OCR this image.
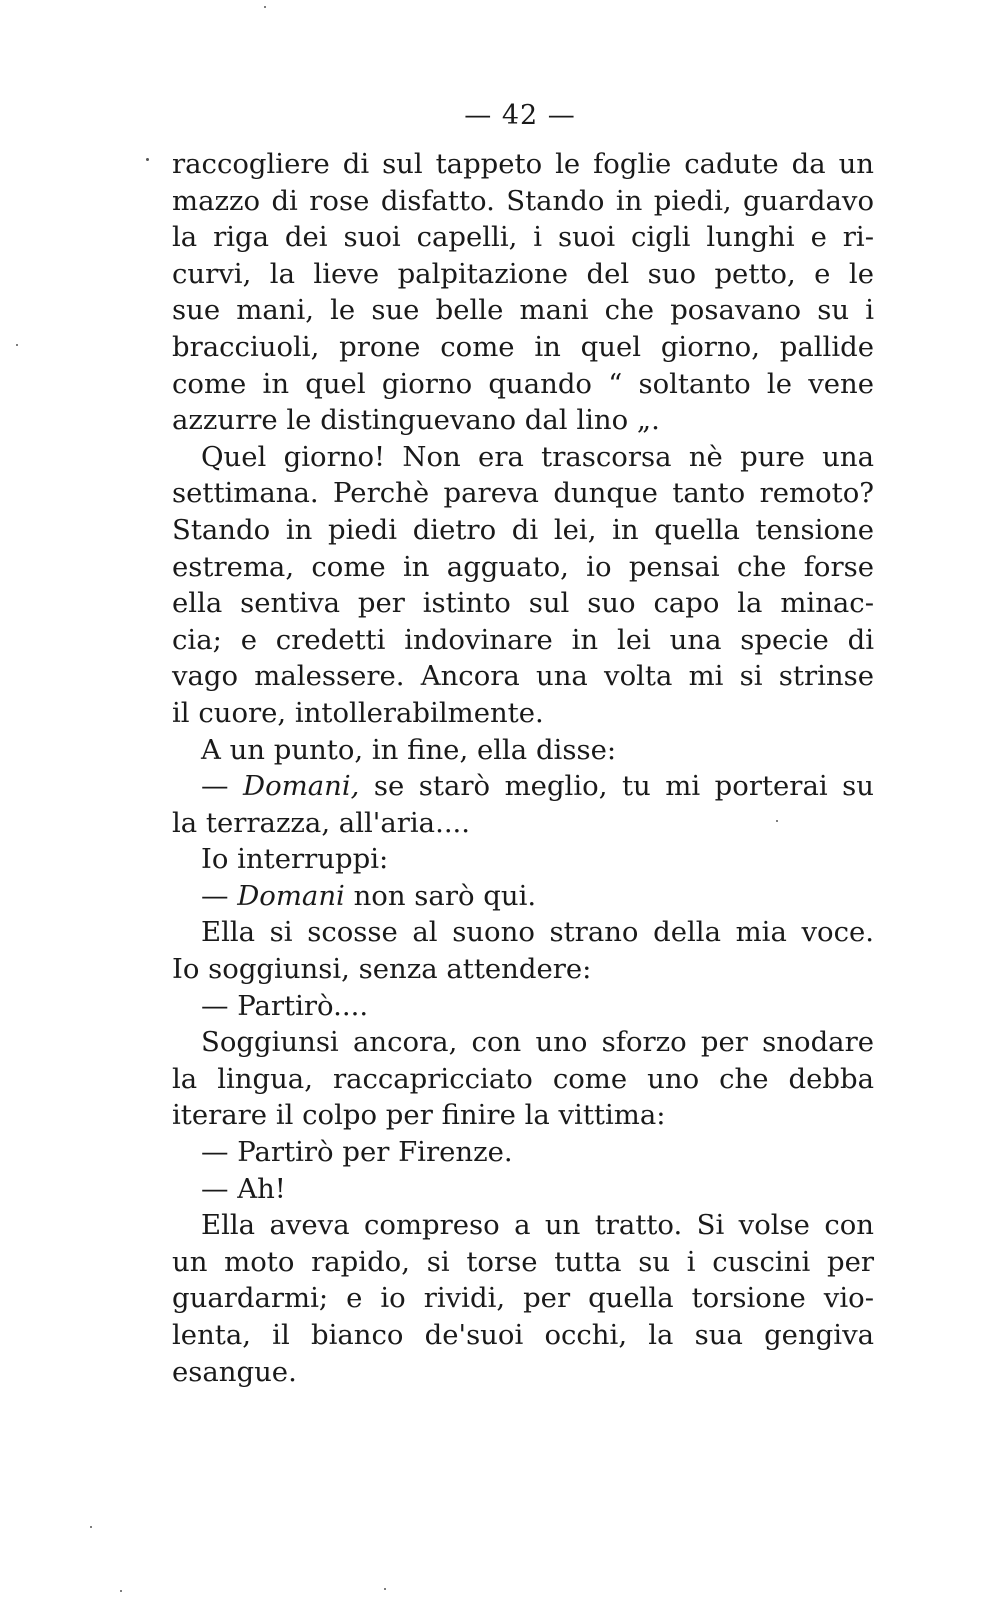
— 42 —
raccogliere di sul tappeto le foglie cadute da un
mazzo di rose disfatto. Stando in piedi, guardavo
la riga dei suoi capelli, i suoi cigli lunghi e ri-
curvi, la lieve palpitazione del suo petto, e le
sue mani, le sue belle mani che posavano su i
bracciuoli, prone come in quel giorno, pallide
come in quel giorno quando “ soltanto le vene
azzurre le distinguevano dal lino „.
Quel giorno! Non era trascorsa nè pure una
settimana. Perchè pareva dunque tanto remoto?
Stando in piedi dietro di lei, in quella tensione
estrema, come in agguato, io pensai che forse
ella sentiva per istinto sul suo capo la minac-
cia; e credetti indovinare in lei una specie di
vago malessere. Ancora una volta mi si strinse
il cuore, intollerabilmente.
A un punto, in fine, ella disse:
— Domani, se starò meglio, tu mi porterai su
la terrazza, all'aria....
Io interruppi:
— Domani non sarò qui.
Ella si scosse al suono strano della mia voce.
Io soggiunsi, senza attendere:
— Partirò....
Soggiunsi ancora, con uno sforzo per snodare
la lingua, raccapricciato come uno che debba
iterare il colpo per finire la vittima:
— Partirò per Firenze.
— Ah!
Ella aveva compreso a un tratto. Si volse con
un moto rapido, si torse tutta su i cuscini per
guardarmi; e io rividi, per quella torsione vio-
lenta, il bianco de'suoi occhi, la sua gengiva
esangue.
